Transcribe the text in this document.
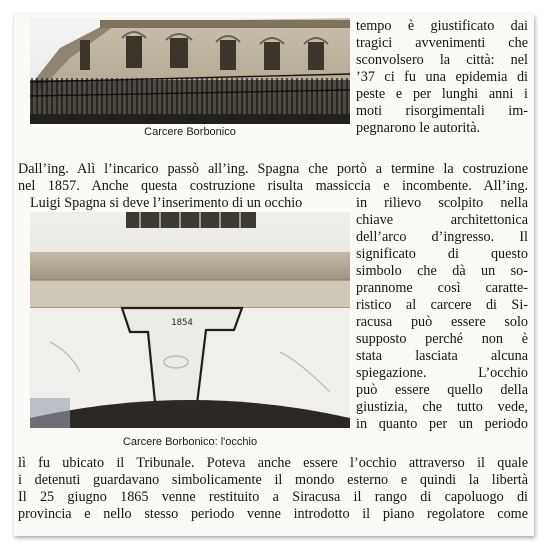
Carcere Borbonico
tempo è giustificato dai
tragici avvenimenti che
sconvolsero la città: nel
’37 ci fu una epidemia di
peste e per lunghi anni i
moti risorgimentali im-
pegnarono le autorità.
Dall’ing. Alì l’incarico passò all’ing. Spagna che portò a termine la costruzione
nel 1857. Anche questa costruzione risulta massiccia e incombente. All’ing.
Luigi Spagna si deve l’inserimento di un occhio	in rilievo scolpito nella
1854
Carcere Borbonico: l'occhio
chiave architettonica
dell’arco d’ingresso. Il
significato di questo
simbolo che dà un so-
prannome così caratte-
ristico al carcere di Si-
racusa può essere solo
supposto perché non è
stata lasciata alcuna
spiegazione. L’occhio
può essere quello della
giustizia, che tutto vede,
in quanto per un periodo
lì fu ubicato il Tribunale. Poteva anche essere l’occhio attraverso il quale
i detenuti guardavano simbolicamente il mondo esterno e quindi la libertà
Il 25 giugno 1865 venne restituito a Siracusa il rango di capoluogo di
provincia e nello stesso periodo venne introdotto il piano regolatore come
